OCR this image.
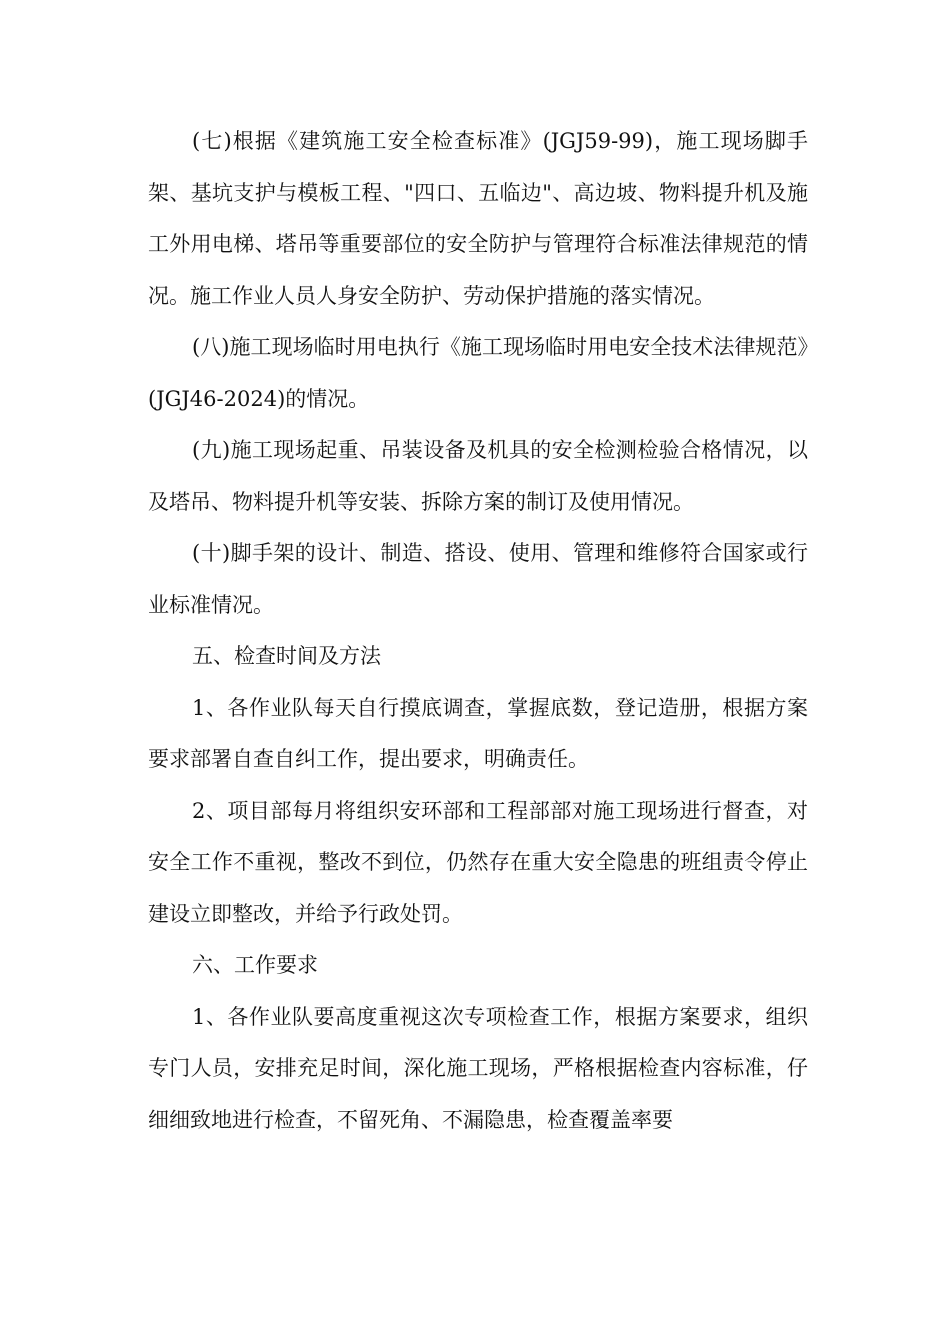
(七)根据《建筑施工安全检查标准》(JGJ59-99)，施工现场脚手架、基坑支护与模板工程、"四口、五临边"、高边坡、物料提升机及施工外用电梯、塔吊等重要部位的安全防护与管理符合标准法律规范的情况。施工作业人员人身安全防护、劳动保护措施的落实情况。

(八)施工现场临时用电执行《施工现场临时用电安全技术法律规范》(JGJ46-2024)的情况。

(九)施工现场起重、吊装设备及机具的安全检测检验合格情况，以及塔吊、物料提升机等安装、拆除方案的制订及使用情况。

(十)脚手架的设计、制造、搭设、使用、管理和维修符合国家或行业标准情况。

五、检查时间及方法

1、各作业队每天自行摸底调查，掌握底数，登记造册，根据方案要求部署自查自纠工作，提出要求，明确责任。

2、项目部每月将组织安环部和工程部部对施工现场进行督查，对安全工作不重视，整改不到位，仍然存在重大安全隐患的班组责令停止建设立即整改，并给予行政处罚。

六、工作要求

1、各作业队要高度重视这次专项检查工作，根据方案要求，组织专门人员，安排充足时间，深化施工现场，严格根据检查内容标准，仔细细致地进行检查，不留死角、不漏隐患，检查覆盖率要
